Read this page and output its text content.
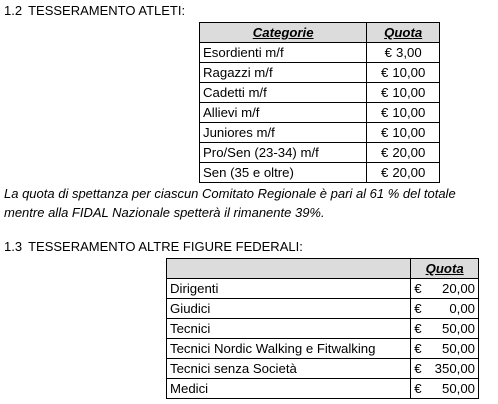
1.2 TESSERAMENTO ATLETI:
Categorie	Quota
Esordienti m/f	€ 3,00

Ragazzi m/f	€ 10,00

Cadetti m/f	€ 10,00

Allievi m/f	€ 10,00

Juniores m/f	€ 10,00

Pro/Sen (23-34) m/f	€ 20,00

Sen (35 e oltre)	€ 20,00
La quota di spettanza per ciascun Comitato Regionale è pari al 61 % del totale
mentre alla FIDAL Nazionale spetterà il rimanente 39%.
1.3 TESSERAMENTO ALTRE FIGURE FEDERALI:
	Quota
Dirigenti	€ 20,00

Giudici	€ 0,00

Tecnici	€ 50,00

Tecnici Nordic Walking e Fitwalking	€ 50,00

Tecnici senza Società	€ 350,00

Medici	€ 50,00
